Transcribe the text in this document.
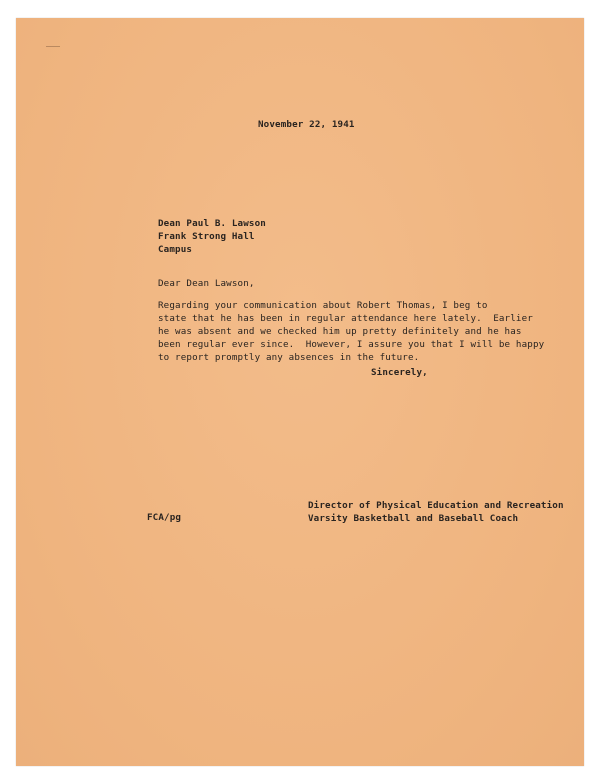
November 22, 1941

Dean Paul B. Lawson

Frank Strong Hall

Campus

Dear Dean Lawson,

Regarding your communication about Robert Thomas, I beg to

state that he has been in regular attendance here lately.  Earlier

he was absent and we checked him up pretty definitely and he has

been regular ever since.  However, I assure you that I will be happy

to report promptly any absences in the future.

Sincerely,

Director of Physical Education and Recreation

Varsity Basketball and Baseball Coach

FCA/pg
